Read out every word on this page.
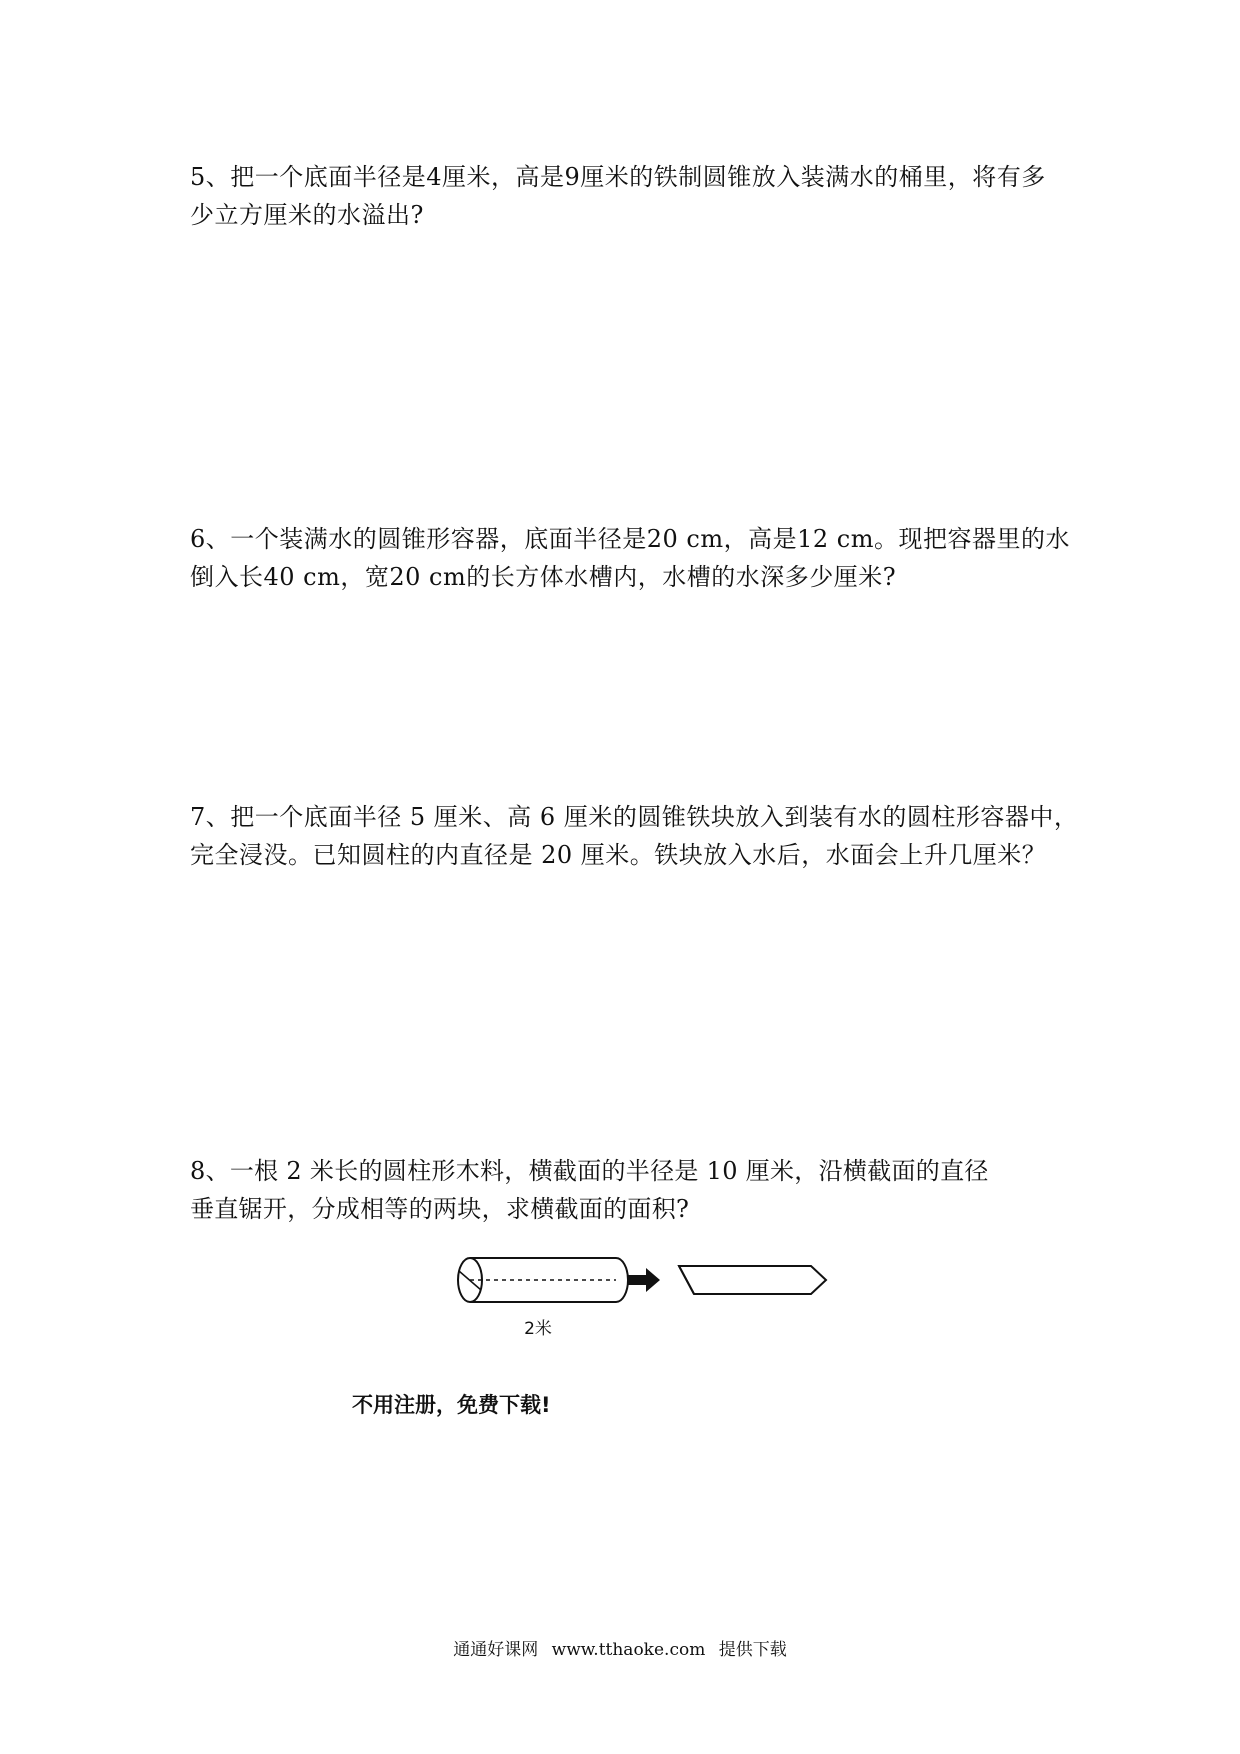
5、把一个底面半径是4厘米，高是9厘米的铁制圆锥放入装满水的桶里，将有多
少立方厘米的水溢出?
6、一个装满水的圆锥形容器，底面半径是20 cm，高是12 cm。现把容器里的水
倒入长40 cm，宽20 cm的长方体水槽内，水槽的水深多少厘米?
7、把一个底面半径 5 厘米、高 6 厘米的圆锥铁块放入到装有水的圆柱形容器中，
完全浸没。已知圆柱的内直径是 20 厘米。铁块放入水后，水面会上升几厘米？
8、一根 2 米长的圆柱形木料，横截面的半径是 10 厘米，沿横截面的直径
垂直锯开，分成相等的两块，求横截面的面积?
2米
不用注册，免费下载!
通通好课网 www.tthaoke.com 提供下载
